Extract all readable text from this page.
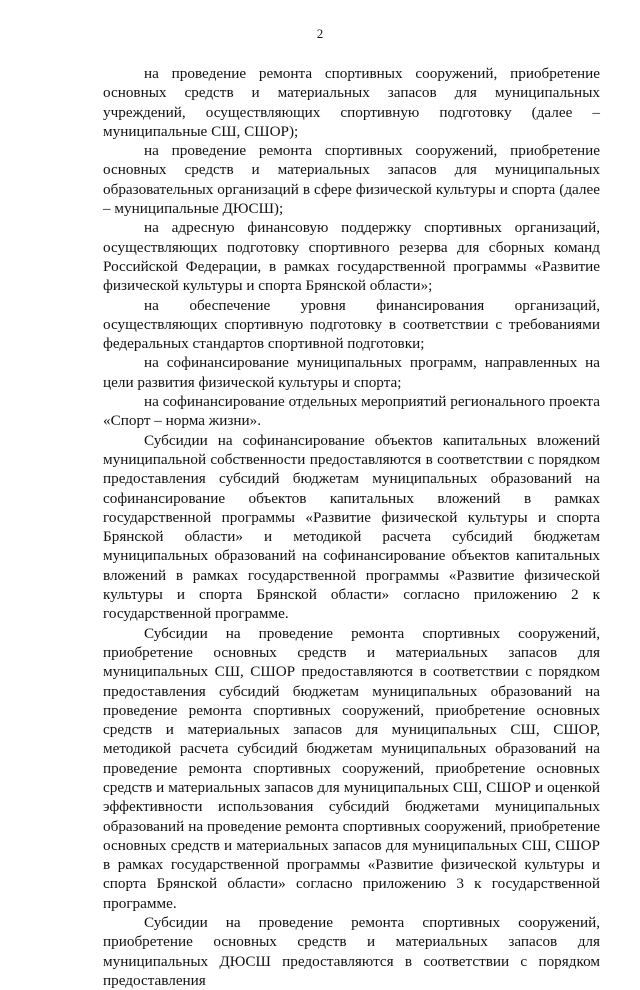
2

на проведение ремонта спортивных сооружений, приобретение основных средств и материальных запасов для муниципальных учреждений, осуществляющих спортивную подготовку (далее – муниципальные СШ, СШОР);

на проведение ремонта спортивных сооружений, приобретение основных средств и материальных запасов для муниципальных образовательных организаций в сфере физической культуры и спорта (далее – муниципальные ДЮСШ);

на адресную финансовую поддержку спортивных организаций, осуществляющих подготовку спортивного резерва для сборных команд Российской Федерации, в рамках государственной программы «Развитие физической культуры и спорта Брянской области»;

на обеспечение уровня финансирования организаций, осуществляющих спортивную подготовку в соответствии с требованиями федеральных стандартов спортивной подготовки;

на софинансирование муниципальных программ, направленных на цели развития физической культуры и спорта;

на софинансирование отдельных мероприятий регионального проекта «Спорт – норма жизни».

Субсидии на софинансирование объектов капитальных вложений муниципальной собственности предоставляются в соответствии с порядком предоставления субсидий бюджетам муниципальных образований на софинансирование объектов капитальных вложений в рамках государственной программы «Развитие физической культуры и спорта Брянской области» и методикой расчета субсидий бюджетам муниципальных образований на софинансирование объектов капитальных вложений в рамках государственной программы «Развитие физической культуры и спорта Брянской области» согласно приложению 2 к государственной программе.

Субсидии на проведение ремонта спортивных сооружений, приобретение основных средств и материальных запасов для муниципальных СШ, СШОР предоставляются в соответствии с порядком предоставления субсидий бюджетам муниципальных образований на проведение ремонта спортивных сооружений, приобретение основных средств и материальных запасов для муниципальных СШ, СШОР, методикой расчета субсидий бюджетам муниципальных образований на проведение ремонта спортивных сооружений, приобретение основных средств и материальных запасов для муниципальных СШ, СШОР и оценкой эффективности использования субсидий бюджетами муниципальных образований на проведение ремонта спортивных сооружений, приобретение основных средств и материальных запасов для муниципальных СШ, СШОР в рамках государственной программы «Развитие физической культуры и спорта Брянской области» согласно приложению 3 к государственной программе.

Субсидии на проведение ремонта спортивных сооружений, приобретение основных средств и материальных запасов для муниципальных ДЮСШ предоставляются в соответствии с порядком предоставления
